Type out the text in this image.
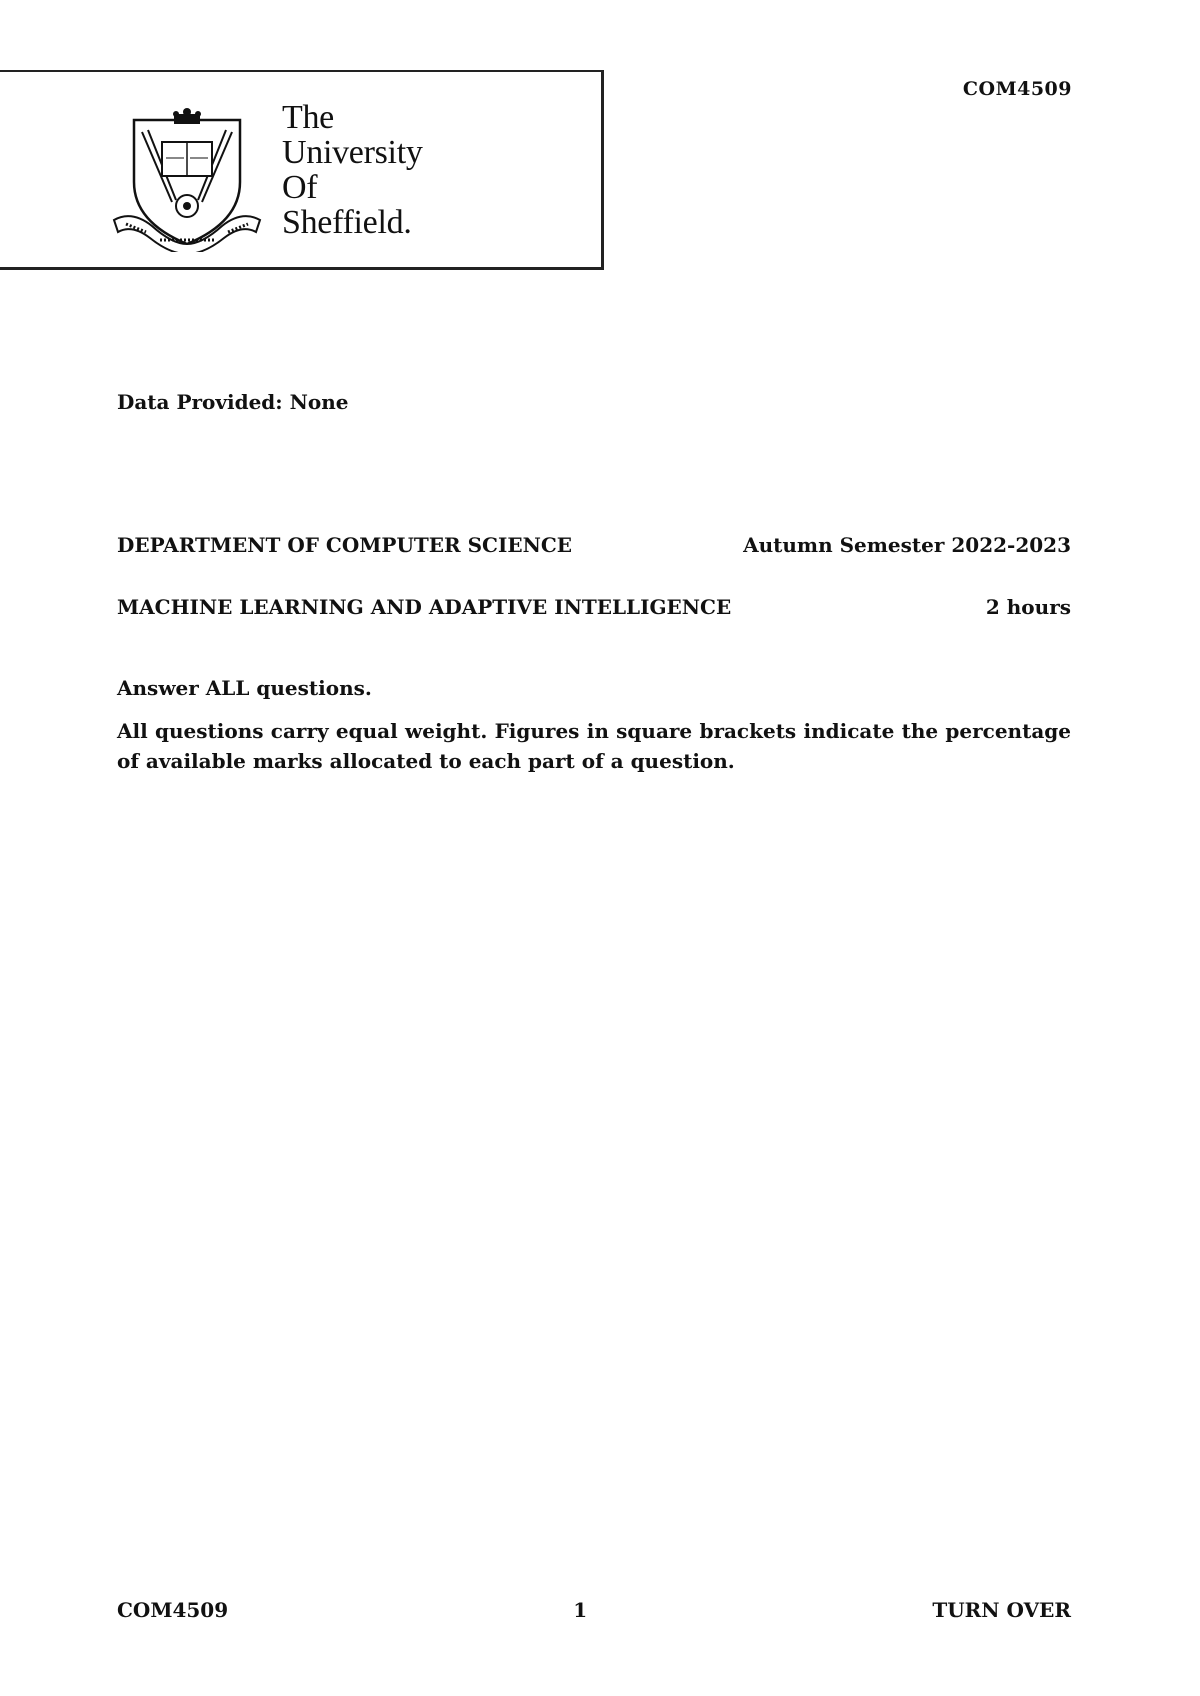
The
University
Of
Sheffield.
COM4509
Data Provided: None
DEPARTMENT OF COMPUTER SCIENCE	Autumn Semester 2022-2023
MACHINE LEARNING AND ADAPTIVE INTELLIGENCE	2 hours
Answer ALL questions.
All questions carry equal weight. Figures in square brackets indicate the percentage of available marks allocated to each part of a question.
COM4509	1	TURN OVER
